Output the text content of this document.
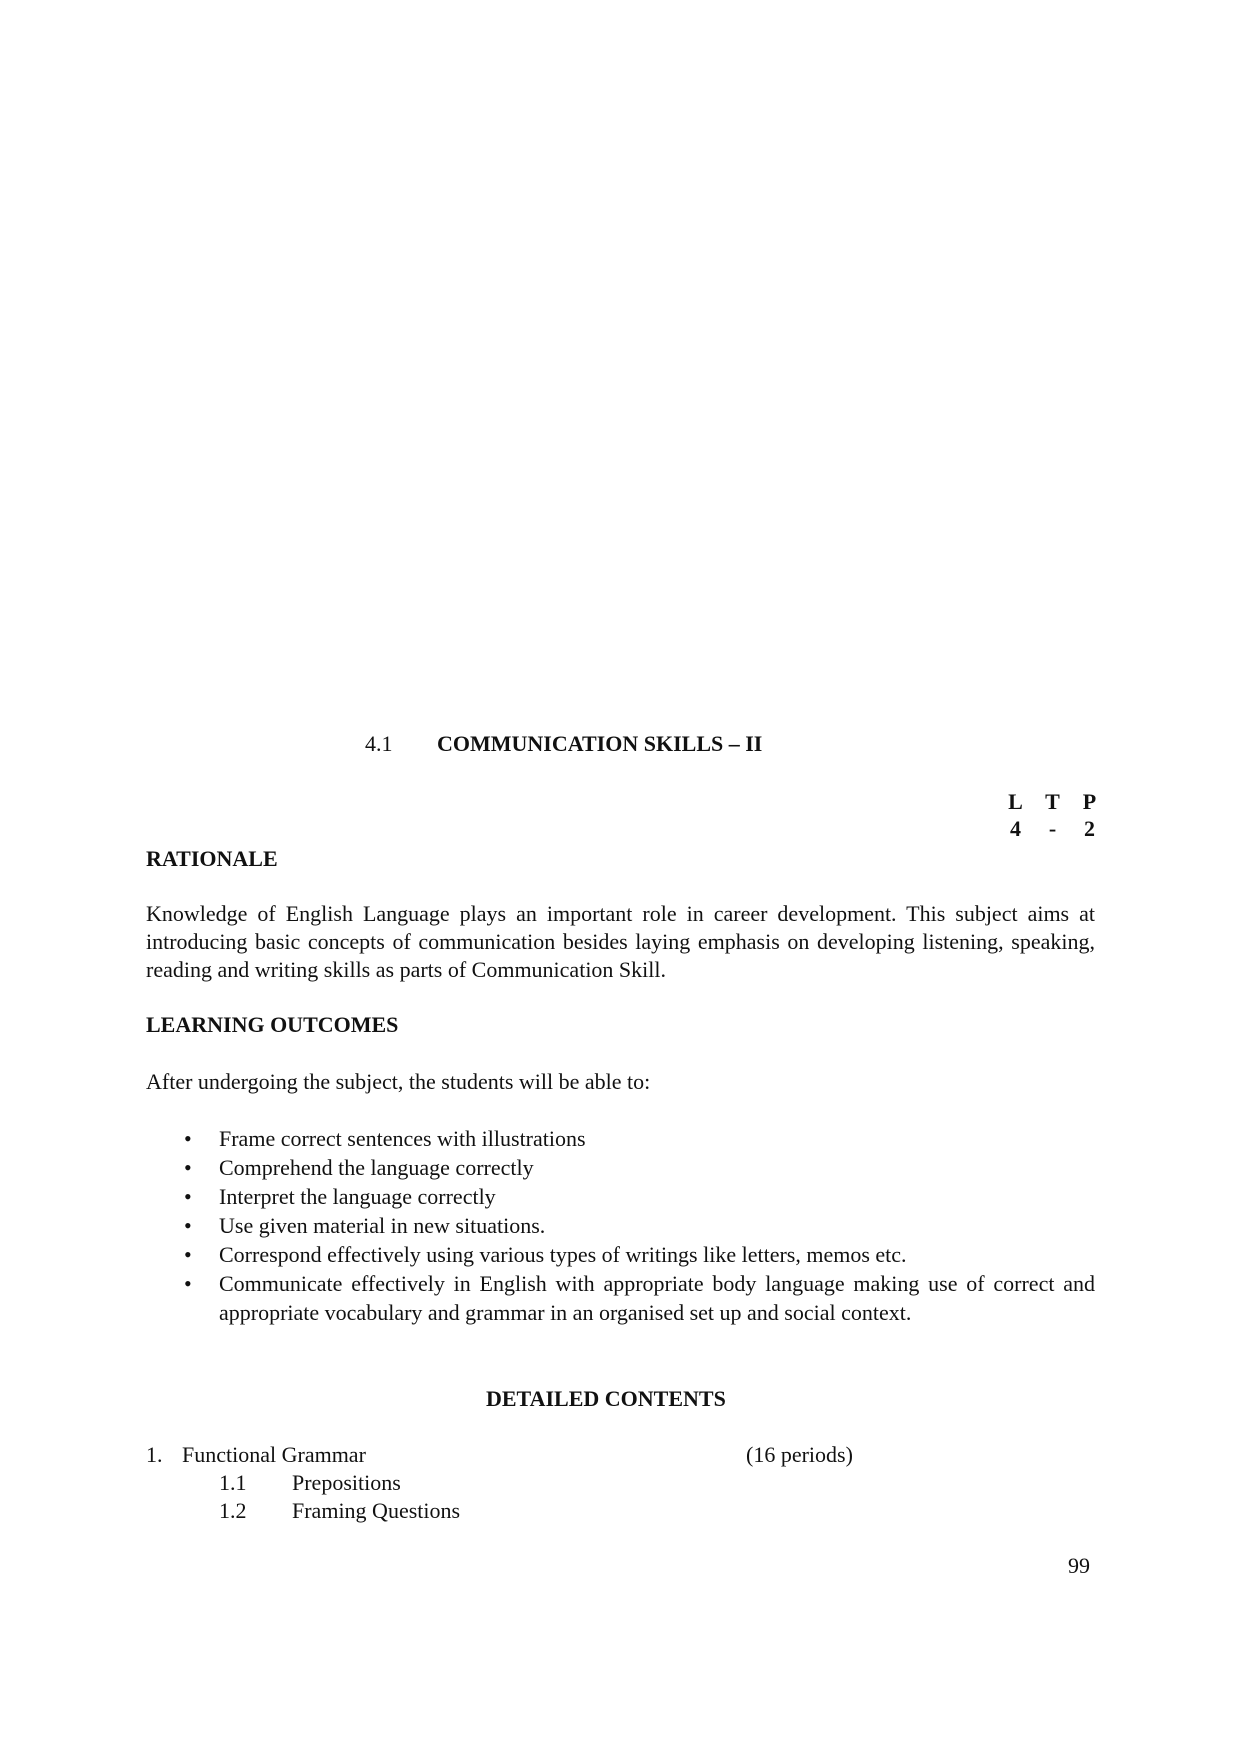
4.1 COMMUNICATION SKILLS – II
L	T	P
4	-	2
RATIONALE
Knowledge of English Language plays an important role in career development. This subject aims at introducing basic concepts of communication besides laying emphasis on developing listening, speaking, reading and writing skills as parts of Communication Skill.
LEARNING OUTCOMES
After undergoing the subject, the students will be able to:
• Frame correct sentences with illustrations
• Comprehend the language correctly
• Interpret the language correctly
• Use given material in new situations.
• Correspond effectively using various types of writings like letters, memos etc.
• Communicate effectively in English with appropriate body language making use of correct and appropriate vocabulary and grammar in an organised set up and social context.
DETAILED CONTENTS
1. Functional Grammar	(16 periods)
1.1 Prepositions
1.2 Framing Questions
99
